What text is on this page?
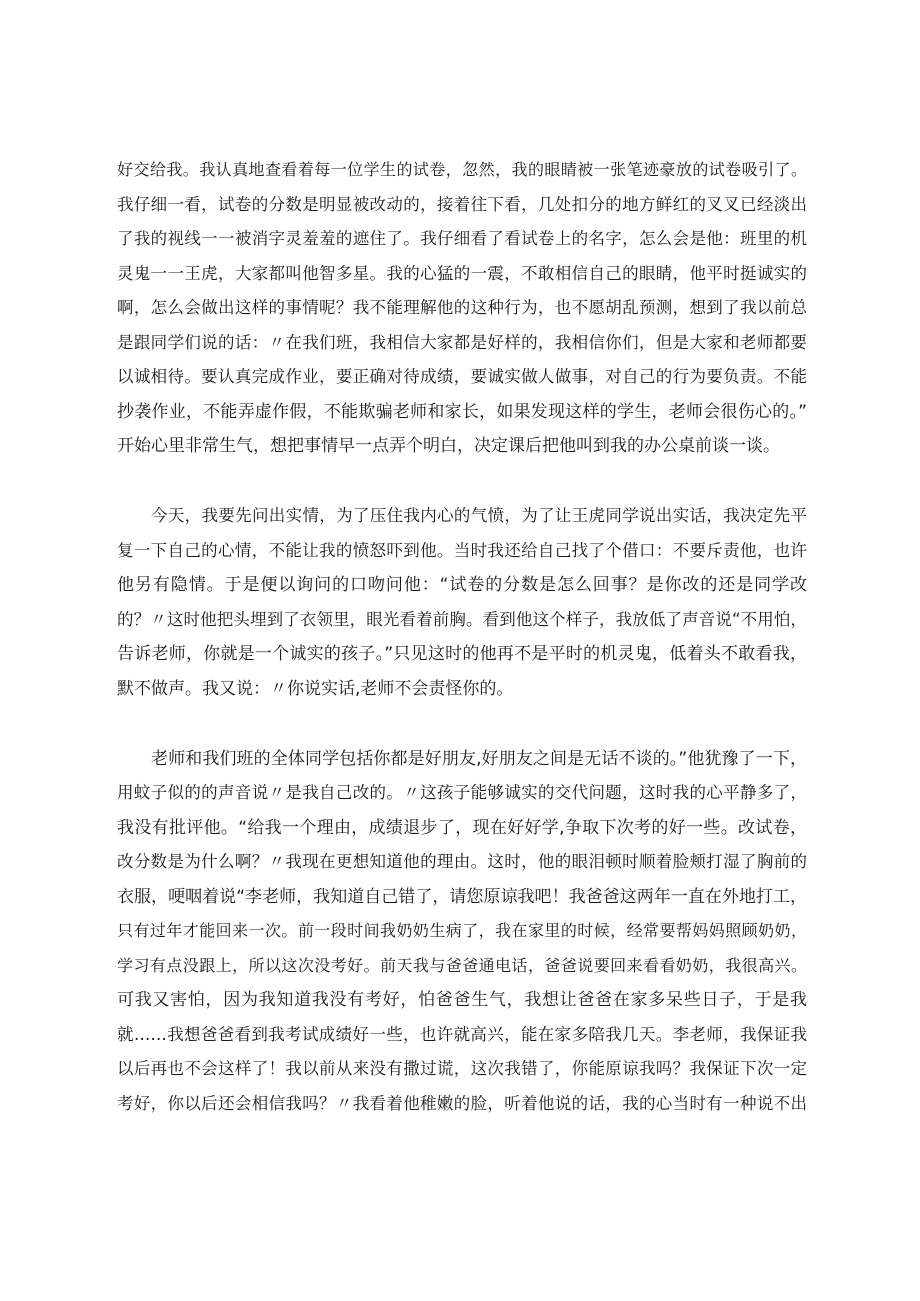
好交给我。我认真地查看着每一位学生的试卷，忽然，我的眼睛被一张笔迹豪放的试卷吸引了。
我仔细一看，试卷的分数是明显被改动的，接着往下看，几处扣分的地方鲜红的叉叉已经淡出
了我的视线一一被消字灵羞羞的遮住了。我仔细看了看试卷上的名字，怎么会是他：班里的机
灵鬼一一王虎，大家都叫他智多星。我的心猛的一震，不敢相信自己的眼睛，他平时挺诚实的
啊，怎么会做出这样的事情呢？我不能理解他的这种行为，也不愿胡乱预测，想到了我以前总
是跟同学们说的话：〃在我们班，我相信大家都是好样的，我相信你们，但是大家和老师都要
以诚相待。要认真完成作业，要正确对待成绩，要诚实做人做事，对自己的行为要负责。不能
抄袭作业，不能弄虚作假，不能欺骗老师和家长，如果发现这样的学生，老师会很伤心的。”
开始心里非常生气，想把事情早一点弄个明白，决定课后把他叫到我的办公桌前谈一谈。
今天，我要先问出实情，为了压住我内心的气愤，为了让王虎同学说出实话，我决定先平
复一下自己的心情，不能让我的愤怒吓到他。当时我还给自己找了个借口：不要斥责他，也许
他另有隐情。于是便以询问的口吻问他：“试卷的分数是怎么回事？是你改的还是同学改
的？〃这时他把头埋到了衣领里，眼光看着前胸。看到他这个样子，我放低了声音说“不用怕，
告诉老师，你就是一个诚实的孩子。”只见这时的他再不是平时的机灵鬼，低着头不敢看我，
默不做声。我又说：〃你说实话,老师不会责怪你的。
老师和我们班的全体同学包括你都是好朋友,好朋友之间是无话不谈的。”他犹豫了一下，
用蚊子似的的声音说〃是我自己改的。〃这孩子能够诚实的交代问题，这时我的心平静多了，
我没有批评他。“给我一个理由，成绩退步了，现在好好学,争取下次考的好一些。改试卷，
改分数是为什么啊？〃我现在更想知道他的理由。这时，他的眼泪顿时顺着脸颊打湿了胸前的
衣服，哽咽着说“李老师，我知道自己错了，请您原谅我吧！我爸爸这两年一直在外地打工，
只有过年才能回来一次。前一段时间我奶奶生病了，我在家里的时候，经常要帮妈妈照顾奶奶，
学习有点没跟上，所以这次没考好。前天我与爸爸通电话，爸爸说要回来看看奶奶，我很高兴。
可我又害怕，因为我知道我没有考好，怕爸爸生气，我想让爸爸在家多呆些日子，于是我
就……我想爸爸看到我考试成绩好一些，也许就高兴，能在家多陪我几天。李老师，我保证我
以后再也不会这样了！我以前从来没有撒过谎，这次我错了，你能原谅我吗？我保证下次一定
考好，你以后还会相信我吗？〃我看着他稚嫩的脸，听着他说的话，我的心当时有一种说不出
